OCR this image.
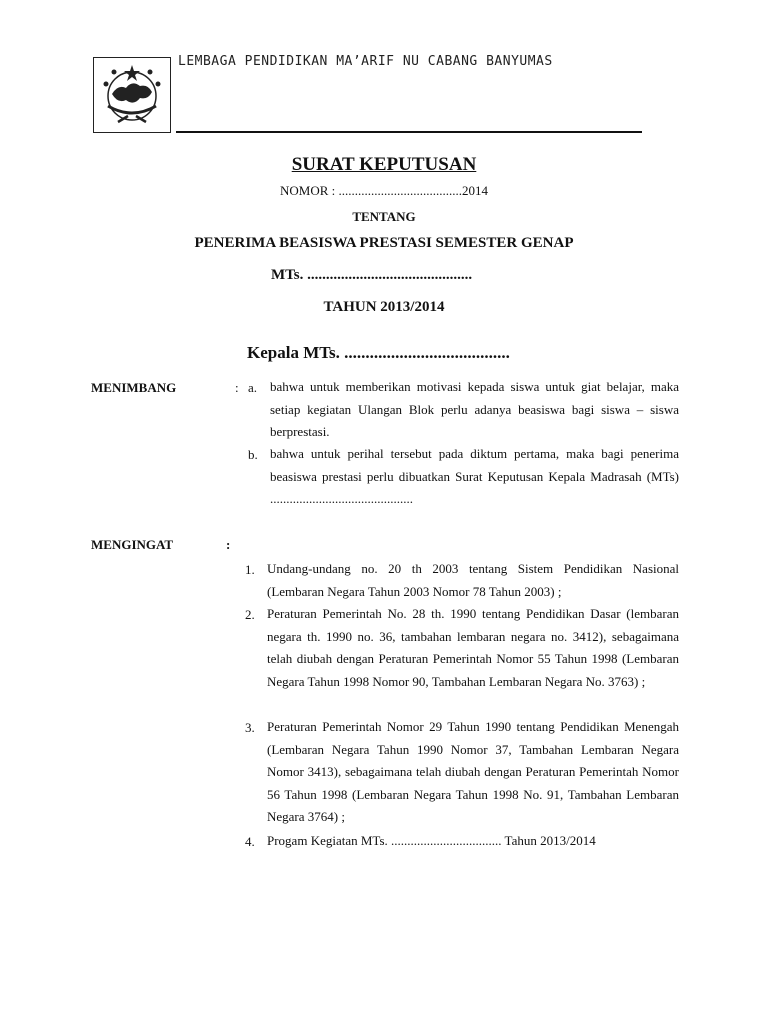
LEMBAGA PENDIDIKAN MA’ARIF NU CABANG BANYUMAS
SURAT KEPUTUSAN
NOMOR : ......................................2014
TENTANG
PENERIMA BEASISWA PRESTASI SEMESTER GENAP
MTs. ............................................
TAHUN 2013/2014
Kepala MTs. .......................................
MENIMBANG	: a. bahwa untuk memberikan motivasi kepada siswa untuk giat belajar, maka setiap kegiatan Ulangan Blok perlu adanya beasiswa bagi siswa – siswa berprestasi.
b. bahwa untuk perihal tersebut pada diktum pertama, maka bagi penerima beasiswa prestasi perlu dibuatkan Surat Keputusan Kepala Madrasah (MTs) ............................................
MENGINGAT	:
1. Undang-undang no. 20 th 2003 tentang Sistem Pendidikan Nasional (Lembaran Negara Tahun 2003 Nomor 78 Tahun 2003) ;
2. Peraturan Pemerintah No. 28 th. 1990 tentang Pendidikan Dasar (lembaran negara th. 1990 no. 36, tambahan lembaran negara no. 3412), sebagaimana telah diubah dengan Peraturan Pemerintah Nomor 55 Tahun 1998 (Lembaran Negara Tahun 1998 Nomor 90, Tambahan Lembaran Negara No. 3763) ;
3. Peraturan Pemerintah Nomor 29 Tahun 1990 tentang Pendidikan Menengah (Lembaran Negara Tahun 1990 Nomor 37, Tambahan Lembaran Negara Nomor 3413), sebagaimana telah diubah dengan Peraturan Pemerintah Nomor 56 Tahun 1998 (Lembaran Negara Tahun 1998 No. 91, Tambahan Lembaran Negara 3764) ;
4. Progam Kegiatan MTs. .................................. Tahun 2013/2014
